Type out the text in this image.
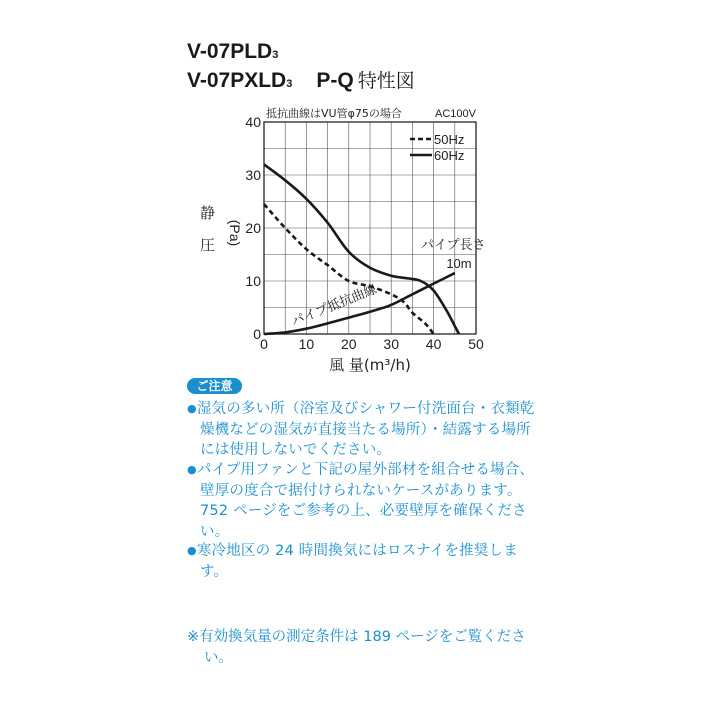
V-07PLD3
V-07PXLD3 P-Q 特性図
0
10
20
30
40
0 10 20 30 40 50
抵抗曲線はVU管φ75の場合	AC100V
静
圧 (Pa)
風 量(m³/h)
50Hz
60Hz
パイプ長さ
10m
パイプ抵抗曲線
ご注意
●湿気の多い所（浴室及びシャワー付洗面台・衣類乾燥機などの湿気が直接当たる場所）・結露する場所には使用しないでください。
●パイプ用ファンと下記の屋外部材を組合せる場合、壁厚の度合で据付けられないケースがあります。752 ページをご参考の上、必要壁厚を確保ください。
●寒冷地区の 24 時間換気にはロスナイを推奨します。
※有効換気量の測定条件は 189 ページをご覧ください。
